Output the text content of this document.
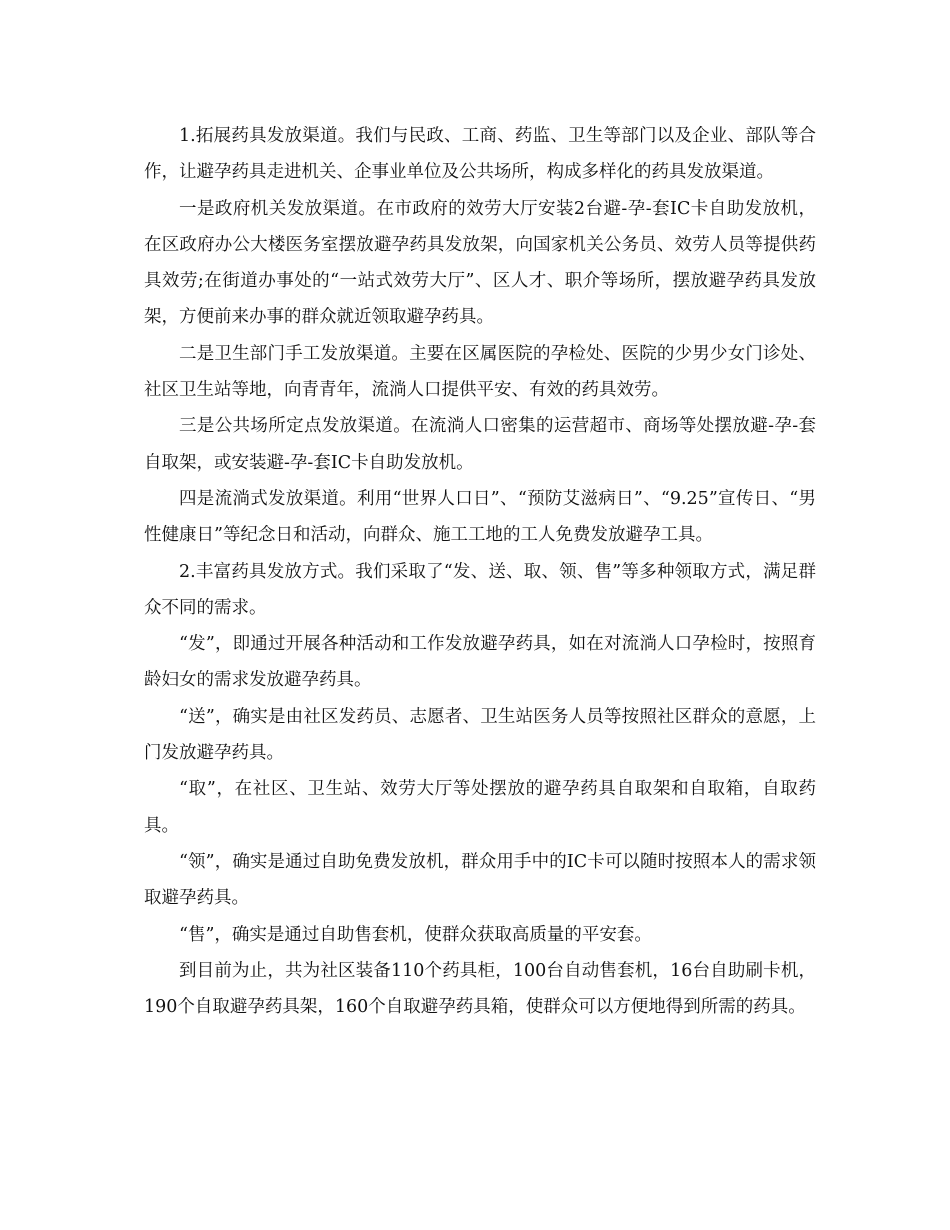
1.拓展药具发放渠道。我们与民政、工商、药监、卫生等部门以及企业、部队等合作，让避孕药具走进机关、企事业单位及公共场所，构成多样化的药具发放渠道。

一是政府机关发放渠道。在市政府的效劳大厅安装2台避-孕-套IC卡自助发放机，在区政府办公大楼医务室摆放避孕药具发放架，向国家机关公务员、效劳人员等提供药具效劳;在街道办事处的“一站式效劳大厅”、区人才、职介等场所，摆放避孕药具发放架，方便前来办事的群众就近领取避孕药具。

二是卫生部门手工发放渠道。主要在区属医院的孕检处、医院的少男少女门诊处、社区卫生站等地，向青青年，流淌人口提供平安、有效的药具效劳。

三是公共场所定点发放渠道。在流淌人口密集的运营超市、商场等处摆放避-孕-套自取架，或安装避-孕-套IC卡自助发放机。

四是流淌式发放渠道。利用“世界人口日”、“预防艾滋病日”、“9.25”宣传日、“男性健康日”等纪念日和活动，向群众、施工工地的工人免费发放避孕工具。

2.丰富药具发放方式。我们采取了“发、送、取、领、售”等多种领取方式，满足群众不同的需求。

“发”，即通过开展各种活动和工作发放避孕药具，如在对流淌人口孕检时，按照育龄妇女的需求发放避孕药具。

“送”，确实是由社区发药员、志愿者、卫生站医务人员等按照社区群众的意愿，上门发放避孕药具。

“取”，在社区、卫生站、效劳大厅等处摆放的避孕药具自取架和自取箱，自取药具。

“领”，确实是通过自助免费发放机，群众用手中的IC卡可以随时按照本人的需求领取避孕药具。

“售”，确实是通过自助售套机，使群众获取高质量的平安套。

到目前为止，共为社区装备110个药具柜，100台自动售套机，16台自助刷卡机，190个自取避孕药具架，160个自取避孕药具箱，使群众可以方便地得到所需的药具。
